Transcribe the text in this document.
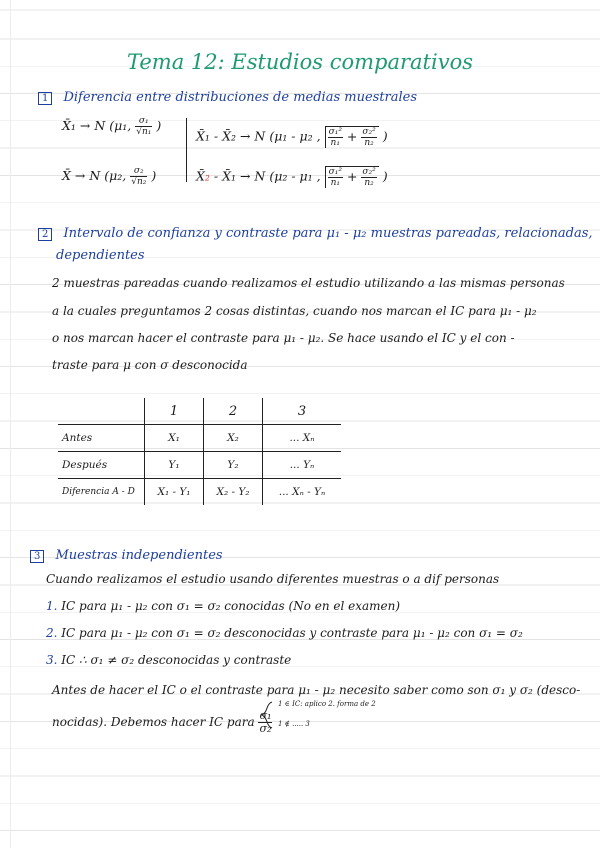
Tema 12: Estudios comparativos
1 Diferencia entre distribuciones de medias muestrales
X̄₁ → N (μ₁, $\frac{\text{σ₁}}{\text{√n₁}}$ )
X̄ → N (μ₂, $\frac{\text{σ₂}}{\text{√n₂}}$ )
X̄₁ - X̄₂ → N (μ₁ - μ₂ , $\frac{\text{σ₁²}}{\text{n₁}} + \frac{\text{σ₂²}}{\text{n₂}}$ )
X̄₂ - X̄₁ → N (μ₂ - μ₁ , $\frac{\text{σ₁²}}{\text{n₁}} + \frac{\text{σ₂²}}{\text{n₂}}$ )
2 Intervalo de confianza y contraste para μ₁ - μ₂ muestras pareadas, relacionadas,
dependientes
2 muestras pareadas cuando realizamos el estudio utilizando a las mismas personas
a la cuales preguntamos 2 cosas distintas, cuando nos marcan el IC para μ₁ - μ₂
o nos marcan hacer el contraste para μ₁ - μ₂. Se hace usando el IC y el con -
traste para μ con σ desconocida
	1	2	3
Antes	X₁	X₂	... Xₙ
Después	Y₁	Y₂	... Yₙ
Diferencia A - D	X₁ - Y₁	X₂ - Y₂	... Xₙ - Yₙ
3 Muestras independientes
Cuando realizamos el estudio usando diferentes muestras o a dif personas
1. IC para μ₁ - μ₂ con σ₁ = σ₂ conocidas (No en el examen)
2. IC para μ₁ - μ₂ con σ₁ = σ₂ desconocidas y contraste para μ₁ - μ₂ con σ₁ = σ₂
3. IC ∴ σ₁ ≠ σ₂ desconocidas y contraste
Antes de hacer el IC o el contraste para μ₁ - μ₂ necesito saber como son σ₁ y σ₂ (desco-
nocidas). Debemos hacer IC para $\frac{\text{σ₁}}{\text{σ₂}}$
1 ∈ IC: aplico 2. forma de 2
1 ∉ ..... 3
